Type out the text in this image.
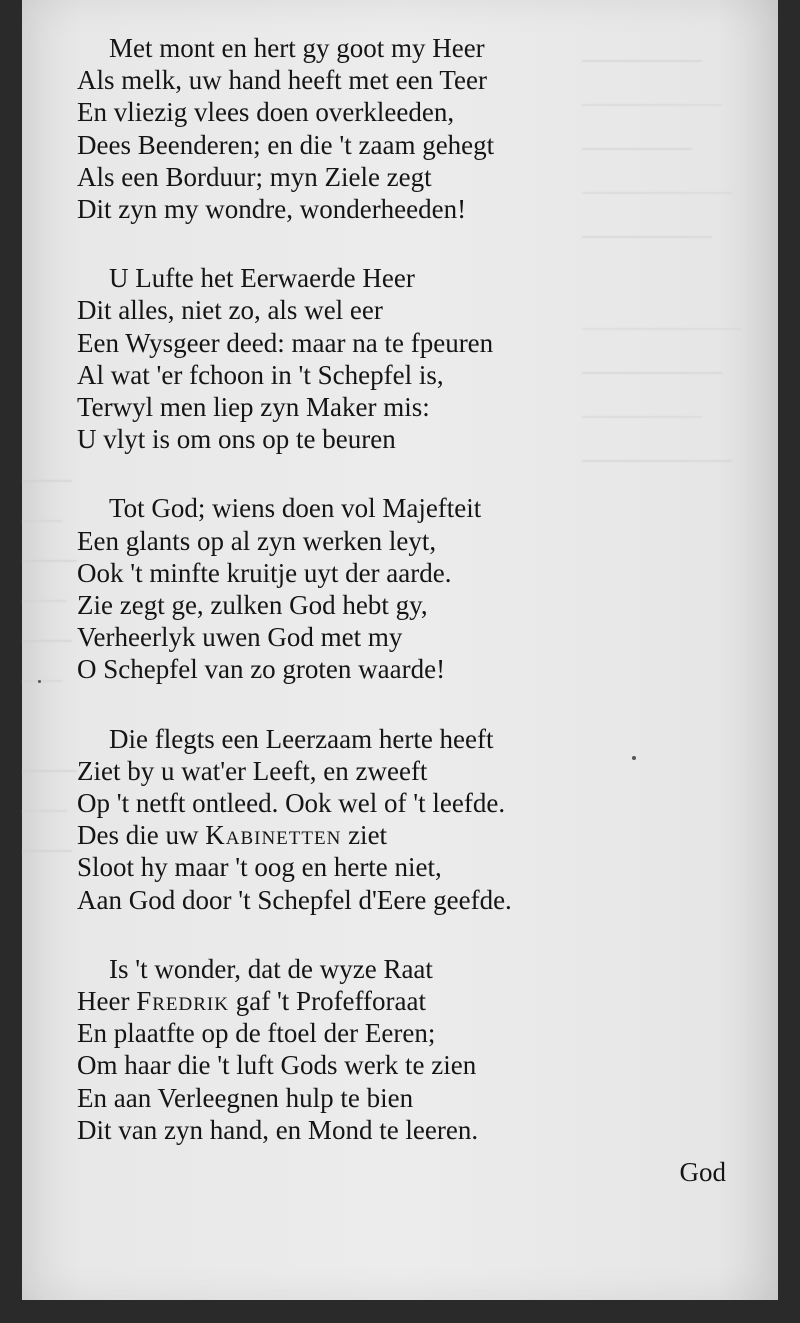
Met mont en hert gy goot my Heer
Als melk, uw hand heeft met een Teer
En vliezig vlees doen overkleeden,
Dees Beenderen; en die 't zaam gehegt
Als een Borduur; myn Ziele zegt
Dit zyn my wondre, wonderheeden!
U Lufte het Eerwaerde Heer
Dit alles, niet zo, als wel eer
Een Wysgeer deed: maar na te fpeuren
Al wat 'er fchoon in 't Schepfel is,
Terwyl men liep zyn Maker mis:
U vlyt is om ons op te beuren
Tot God; wiens doen vol Majefteit
Een glants op al zyn werken leyt,
Ook 't minfte kruitje uyt der aarde.
Zie zegt ge, zulken God hebt gy,
Verheerlyk uwen God met my
O Schepfel van zo groten waarde!
Die flegts een Leerzaam herte heeft
Ziet by u wat'er Leeft, en zweeft
Op 't netft ontleed. Ook wel of 't leefde.
Des die uw Kabinetten ziet
Sloot hy maar 't oog en herte niet,
Aan God door 't Schepfel d'Eere geefde.
Is 't wonder, dat de wyze Raat
Heer Fredrik gaf 't Profefforaat
En plaatfte op de ftoel der Eeren;
Om haar die 't luft Gods werk te zien
En aan Verleegnen hulp te bien
Dit van zyn hand, en Mond te leeren.
God
